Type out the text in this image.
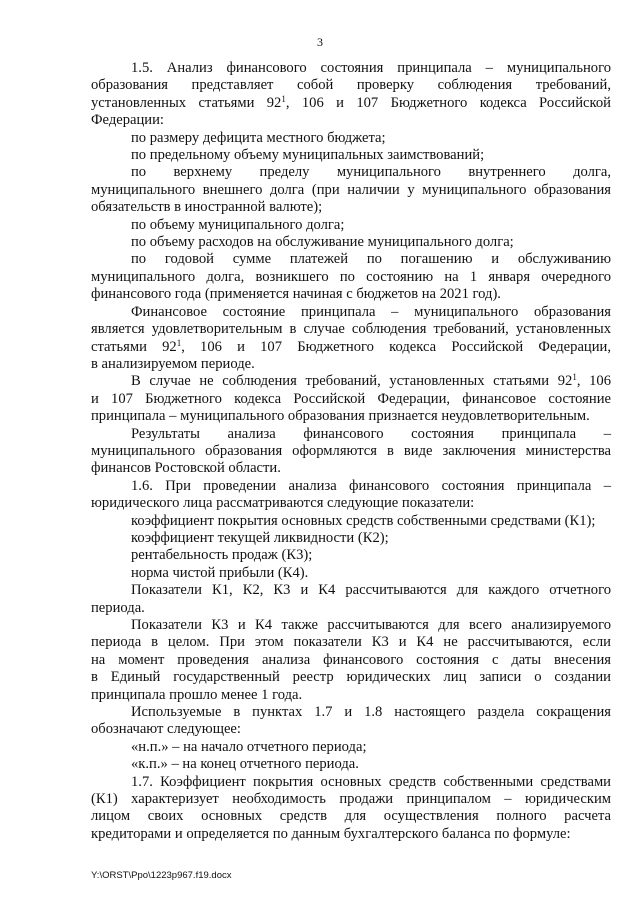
3
1.5. Анализ финансового состояния принципала – муниципального
образования представляет собой проверку соблюдения требований,
установленных статьями $92^1$, 106 и 107 Бюджетного кодекса Российской
Федерации:
по размеру дефицита местного бюджета;
по предельному объему муниципальных заимствований;
по верхнему пределу муниципального внутреннего долга,
муниципального внешнего долга (при наличии у муниципального образования
обязательств в иностранной валюте);
по объему муниципального долга;
по объему расходов на обслуживание муниципального долга;
по годовой сумме платежей по погашению и обслуживанию
муниципального долга, возникшего по состоянию на 1 января очередного
финансового года (применяется начиная с бюджетов на 2021 год).
Финансовое состояние принципала – муниципального образования
является удовлетворительным в случае соблюдения требований, установленных
статьями $92^1$, 106 и 107 Бюджетного кодекса Российской Федерации,
в анализируемом периоде.
В случае не соблюдения требований, установленных статьями $92^1$, 106
и 107 Бюджетного кодекса Российской Федерации, финансовое состояние
принципала – муниципального образования признается неудовлетворительным.
Результаты анализа финансового состояния принципала –
муниципального образования оформляются в виде заключения министерства
финансов Ростовской области.
1.6. При проведении анализа финансового состояния принципала –
юридического лица рассматриваются следующие показатели:
коэффициент покрытия основных средств собственными средствами (К1);
коэффициент текущей ликвидности (К2);
рентабельность продаж (К3);
норма чистой прибыли (К4).
Показатели К1, К2, К3 и К4 рассчитываются для каждого отчетного
периода.
Показатели К3 и К4 также рассчитываются для всего анализируемого
периода в целом. При этом показатели К3 и К4 не рассчитываются, если
на момент проведения анализа финансового состояния с даты внесения
в Единый государственный реестр юридических лиц записи о создании
принципала прошло менее 1 года.
Используемые в пунктах 1.7 и 1.8 настоящего раздела сокращения
обозначают следующее:
«н.п.» – на начало отчетного периода;
«к.п.» – на конец отчетного периода.
1.7. Коэффициент покрытия основных средств собственными средствами
(К1) характеризует необходимость продажи принципалом – юридическим
лицом своих основных средств для осуществления полного расчета
кредиторами и определяется по данным бухгалтерского баланса по формуле:
Y:\ORST\Ppo\1223p967.f19.docx
